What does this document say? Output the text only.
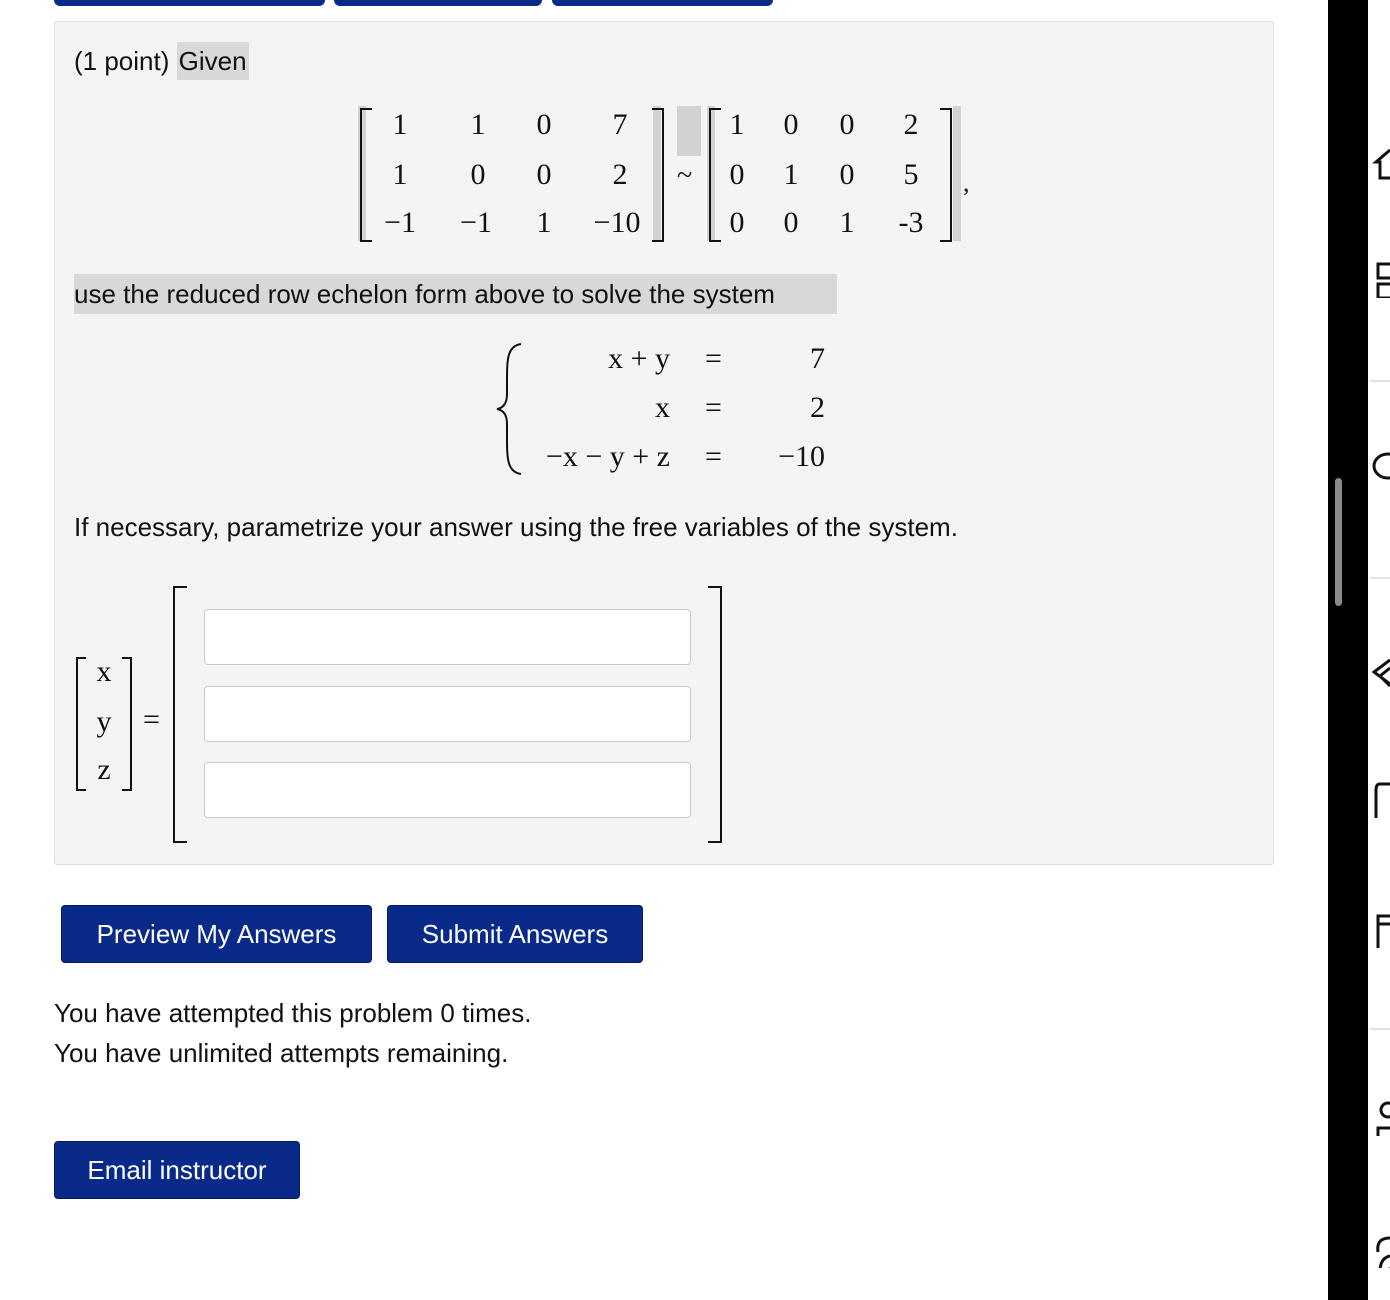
(1 point) Given
1	1	0	7
1	0	0	2
−1	−1	1	−10
~
1	0	0	2
0	1	0	5
0	0	1	-3
,
use the reduced row echelon form above to solve the system
x + y =	7
x =	2
−x − y + z =	−10
If necessary, parametrize your answer using the free variables of the system.
x
y
z
=
Preview My Answers	Submit Answers
You have attempted this problem 0 times.
You have unlimited attempts remaining.
Email instructor
